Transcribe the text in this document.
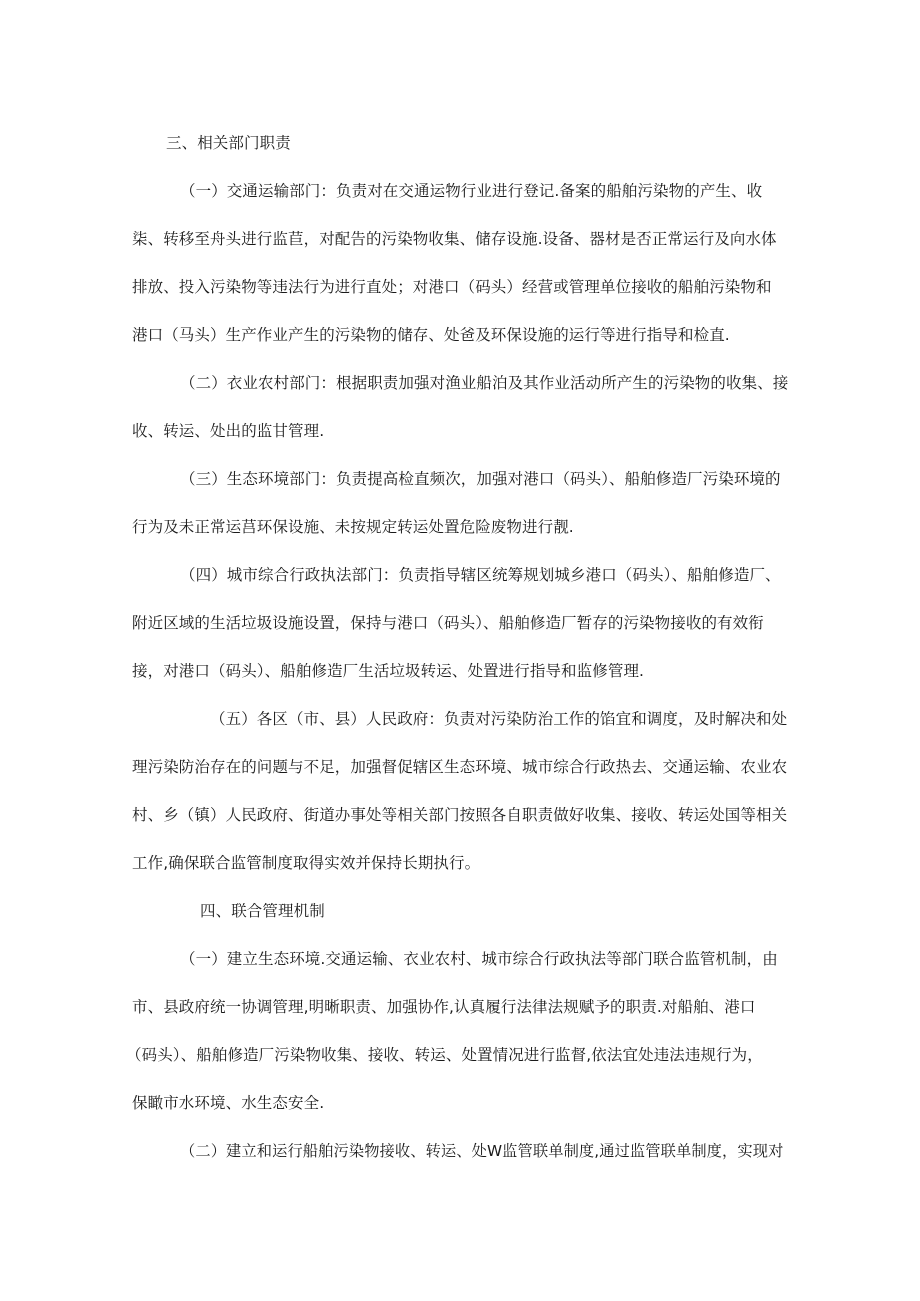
三、相关部门职责
（一）交通运输部门：负责对在交通运物行业进行登记.备案的船舶污染物的产生、收
柒、转移至舟头进行监苣，对配告的污染物收集、储存设施.设备、器材是否正常运行及向水体
排放、投入污染物等违法行为进行直处；对港口（码头）经营或管理单位接收的船舶污染物和
港口（马头）生产作业产生的污染物的储存、处爸及环保设施的运行等进行指导和检直.
（二）衣业农村部门：根据职责加强对渔业船泊及其作业活动所产生的污染物的收集、接
收、转运、处出的监甘管理.
（三）生态环境部门：负责提高检直频次，加强对港口（码头）、船舶修造厂污染环境的
行为及未正常运莒环保设施、未按规定转运处置危险废物进行靓.
（四）城市综合行政执法部门：负责指导辖区统筹规划城乡港口（码头）、船舶修造厂、
附近区域的生活垃圾设施设置，保持与港口（码头）、船舶修造厂暂存的污染物接收的有效衔
接，对港口（码头）、船舶修造厂生活垃圾转运、处置进行指导和监修管理.
（五）各区（市、县）人民政府：负责对污染防治工作的馅宜和调度，及时解决和处
理污染防治存在的问题与不足，加强督促辖区生态环境、城市综合行政热去、交通运输、农业农
村、乡（镇）人民政府、街道办事处等相关部门按照各自职责做好收集、接收、转运处国等相关
工作,确保联合监管制度取得实效并保持长期执行。
四、联合管理机制
（一）建立生态环境.交通运输、衣业农村、城市综合行政执法等部门联合监管机制，由
市、县政府统一协调管理,明晰职责、加强协作,认真履行法律法规赋予的职责.对船舶、港口
（码头）、船舶修造厂污染物收集、接收、转运、处置情况进行监督,依法宜处违法违规行为，
保瞰市水环境、水生态安全.
（二）建立和运行船舶污染物接收、转运、处W监管联单制度,通过监管联单制度，实现对
